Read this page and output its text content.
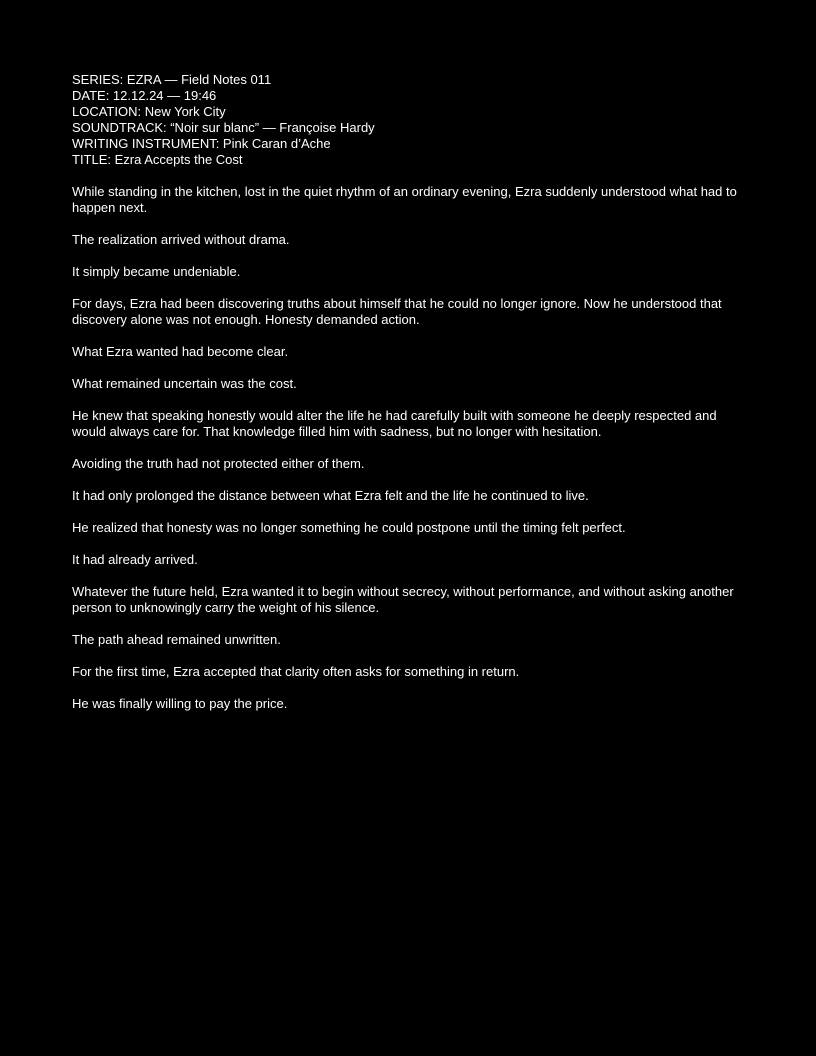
SERIES: EZRA — Field Notes 011

DATE: 12.12.24 — 19:46

LOCATION: New York City

SOUNDTRACK: “Noir sur blanc” — Françoise Hardy

WRITING INSTRUMENT: Pink Caran d’Ache

TITLE: Ezra Accepts the Cost

While standing in the kitchen, lost in the quiet rhythm of an ordinary evening, Ezra suddenly understood what had to happen next.

The realization arrived without drama.

It simply became undeniable.

For days, Ezra had been discovering truths about himself that he could no longer ignore. Now he understood that discovery alone was not enough. Honesty demanded action.

What Ezra wanted had become clear.

What remained uncertain was the cost.

He knew that speaking honestly would alter the life he had carefully built with someone he deeply respected and would always care for. That knowledge filled him with sadness, but no longer with hesitation.

Avoiding the truth had not protected either of them.

It had only prolonged the distance between what Ezra felt and the life he continued to live.

He realized that honesty was no longer something he could postpone until the timing felt perfect.

It had already arrived.

Whatever the future held, Ezra wanted it to begin without secrecy, without performance, and without asking another person to unknowingly carry the weight of his silence.

The path ahead remained unwritten.

For the first time, Ezra accepted that clarity often asks for something in return.

He was finally willing to pay the price.
